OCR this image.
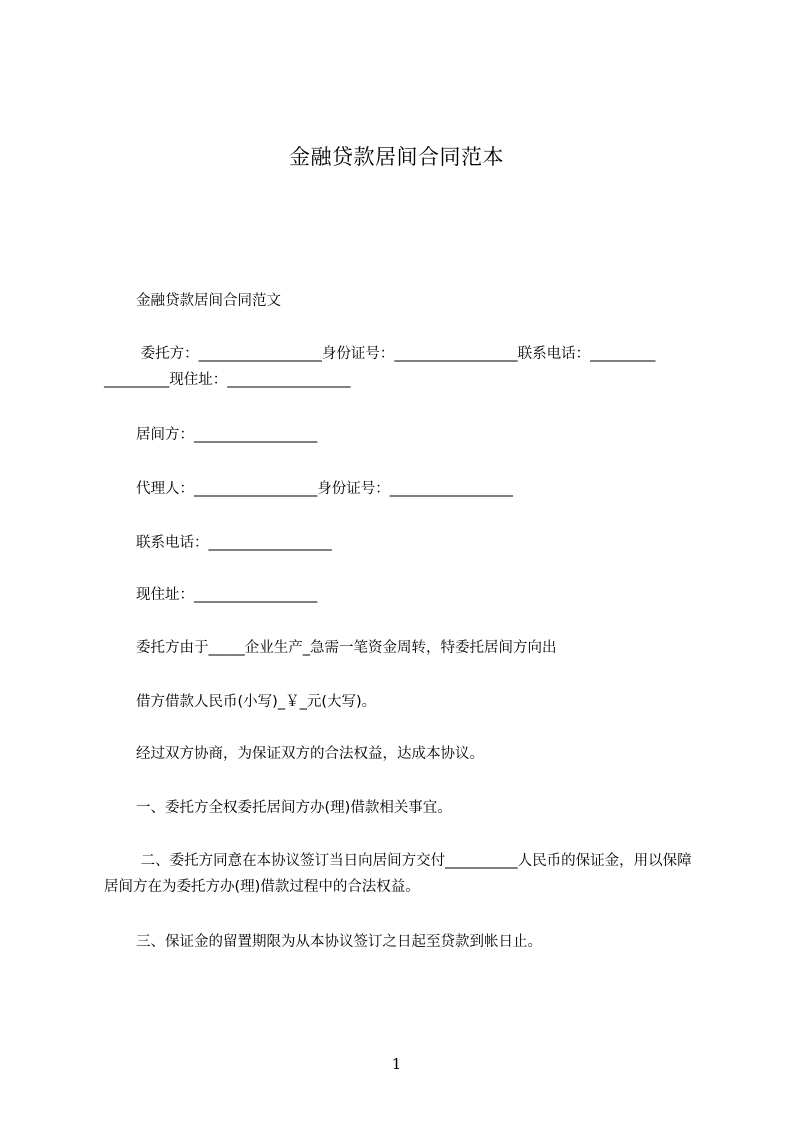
金融贷款居间合同范本
金融贷款居间合同范文
委托方：_________________身份证号：_________________联系电话：_________ _________现住址：_________________
居间方：_________________
代理人：_________________身份证号：_________________
联系电话：_________________
现住址：_________________
委托方由于_____企业生产_急需一笔资金周转，特委托居间方向出
借方借款人民币(小写)_￥_元(大写)。
经过双方协商，为保证双方的合法权益，达成本协议。
一、委托方全权委托居间方办(理)借款相关事宜。
二、委托方同意在本协议签订当日向居间方交付__________人民币的保证金，用以保障居间方在为委托方办(理)借款过程中的合法权益。
三、保证金的留置期限为从本协议签订之日起至贷款到帐日止。
1
